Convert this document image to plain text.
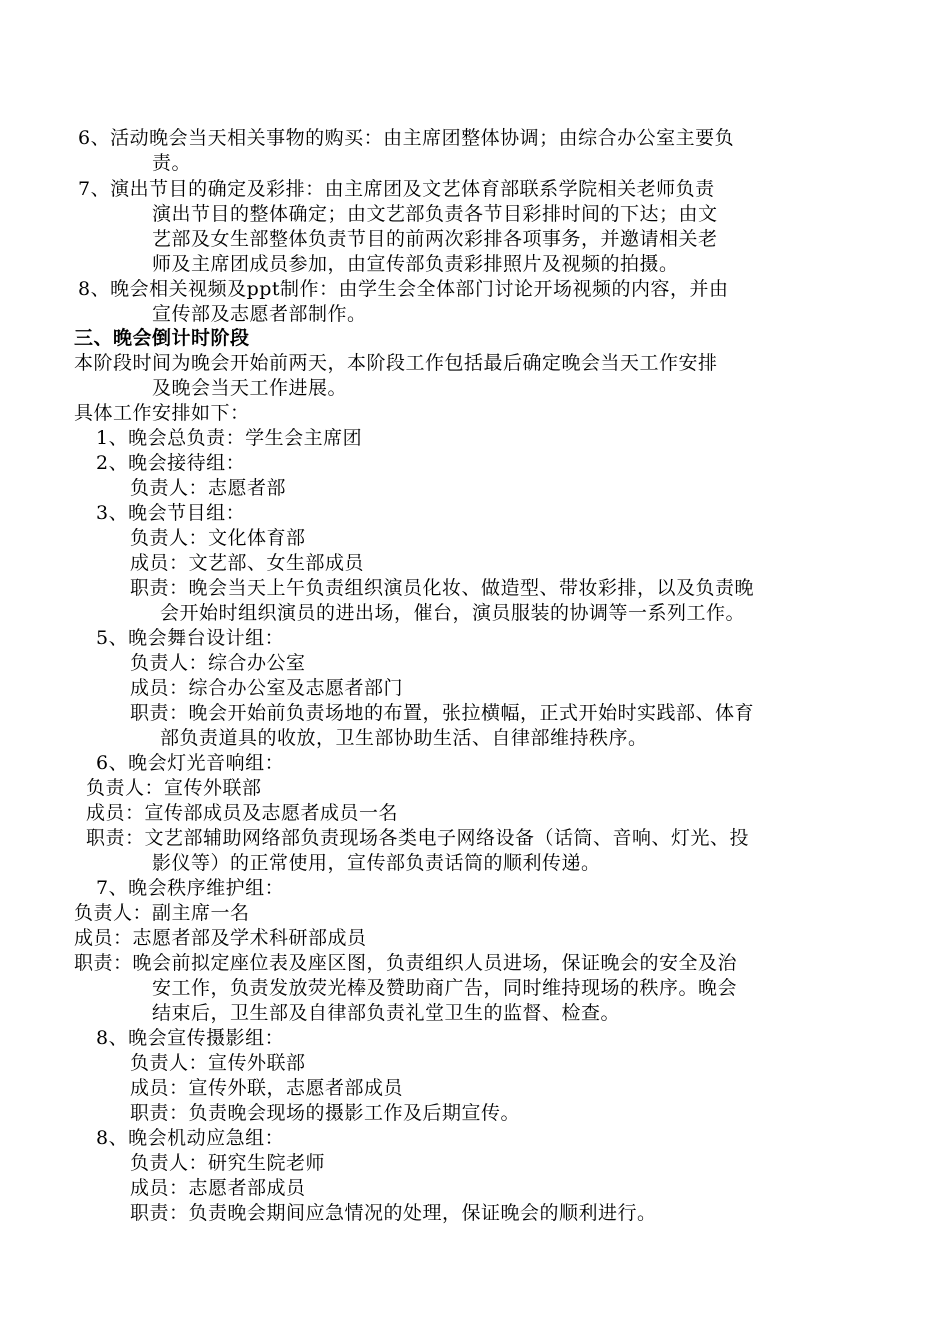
6、活动晚会当天相关事物的购买：由主席团整体协调；由综合办公室主要负
责。
7、演出节目的确定及彩排：由主席团及文艺体育部联系学院相关老师负责
演出节目的整体确定；由文艺部负责各节目彩排时间的下达；由文
艺部及女生部整体负责节目的前两次彩排各项事务，并邀请相关老
师及主席团成员参加，由宣传部负责彩排照片及视频的拍摄。
8、晚会相关视频及ppt制作：由学生会全体部门讨论开场视频的内容，并由
宣传部及志愿者部制作。
三、晚会倒计时阶段
本阶段时间为晚会开始前两天，本阶段工作包括最后确定晚会当天工作安排
及晚会当天工作进展。
具体工作安排如下：
1、晚会总负责：学生会主席团
2、晚会接待组：
负责人：志愿者部
3、晚会节目组：
负责人：文化体育部
成员：文艺部、女生部成员
职责：晚会当天上午负责组织演员化妆、做造型、带妆彩排，以及负责晚
会开始时组织演员的进出场，催台，演员服装的协调等一系列工作。
5、晚会舞台设计组：
负责人：综合办公室
成员：综合办公室及志愿者部门
职责：晚会开始前负责场地的布置，张拉横幅，正式开始时实践部、体育
部负责道具的收放，卫生部协助生活、自律部维持秩序。
6、晚会灯光音响组：
负责人：宣传外联部
成员：宣传部成员及志愿者成员一名
职责：文艺部辅助网络部负责现场各类电子网络设备（话筒、音响、灯光、投
影仪等）的正常使用，宣传部负责话筒的顺利传递。
7、晚会秩序维护组：
负责人：副主席一名
成员：志愿者部及学术科研部成员
职责：晚会前拟定座位表及座区图，负责组织人员进场，保证晚会的安全及治
安工作，负责发放荧光棒及赞助商广告，同时维持现场的秩序。晚会
结束后，卫生部及自律部负责礼堂卫生的监督、检查。
8、晚会宣传摄影组：
负责人：宣传外联部
成员：宣传外联，志愿者部成员
职责：负责晚会现场的摄影工作及后期宣传。
8、晚会机动应急组：
负责人：研究生院老师
成员：志愿者部成员
职责：负责晚会期间应急情况的处理，保证晚会的顺利进行。
